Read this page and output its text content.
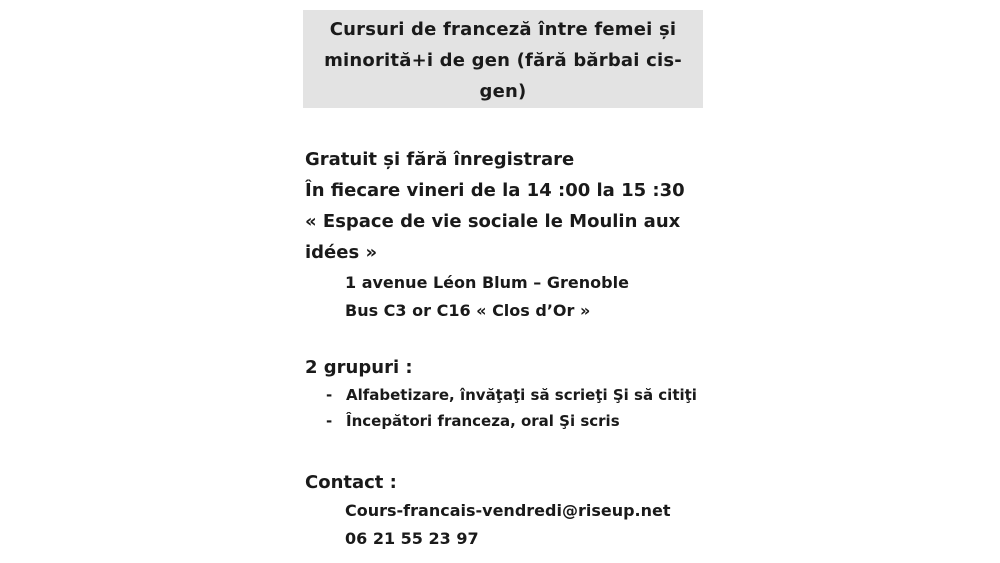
Cursuri de franceză între femei și
minorită+i de gen (fără bărbai cis-
gen)
Gratuit și fără înregistrare
În fiecare vineri de la 14 :00 la 15 :30
« Espace de vie sociale le Moulin aux
idées »
1 avenue Léon Blum – Grenoble
Bus C3 or C16 « Clos d’Or »
2 grupuri :
- Alfabetizare, învăţaţi să scrieţi Şi să citiţi
- Începători franceza, oral Şi scris
Contact :
Cours-francais-vendredi@riseup.net
06 21 55 23 97
